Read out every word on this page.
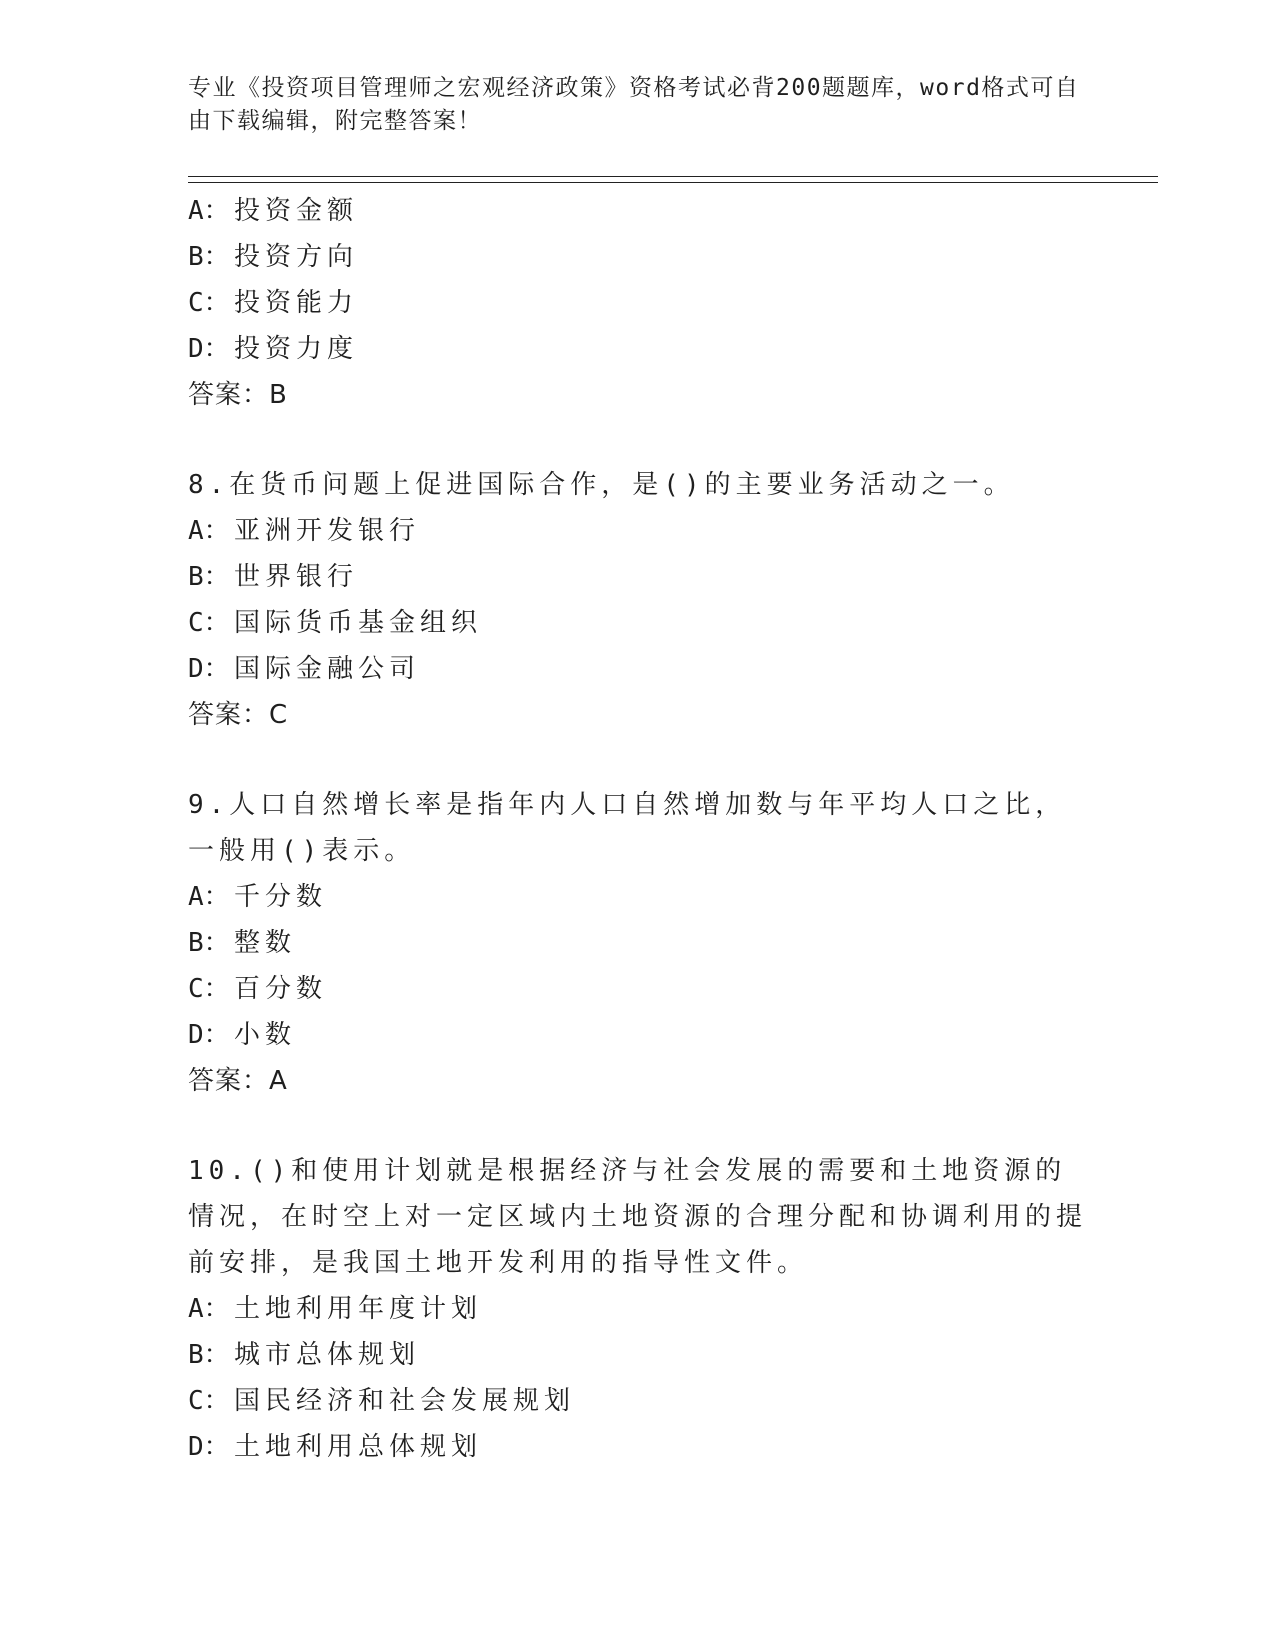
专业《投资项目管理师之宏观经济政策》资格考试必背200题题库，word格式可自由下载编辑，附完整答案！
A： 投资金额
B： 投资方向
C： 投资能力
D： 投资力度
答案：B
8.在货币问题上促进国际合作，是()的主要业务活动之一。
A： 亚洲开发银行
B： 世界银行
C： 国际货币基金组织
D： 国际金融公司
答案：C
9.人口自然增长率是指年内人口自然增加数与年平均人口之比，一般用()表示。
A： 千分数
B： 整数
C： 百分数
D： 小数
答案：A
10.()和使用计划就是根据经济与社会发展的需要和土地资源的情况，在时空上对一定区域内土地资源的合理分配和协调利用的提前安排，是我国土地开发利用的指导性文件。
A： 土地利用年度计划
B： 城市总体规划
C： 国民经济和社会发展规划
D： 土地利用总体规划
